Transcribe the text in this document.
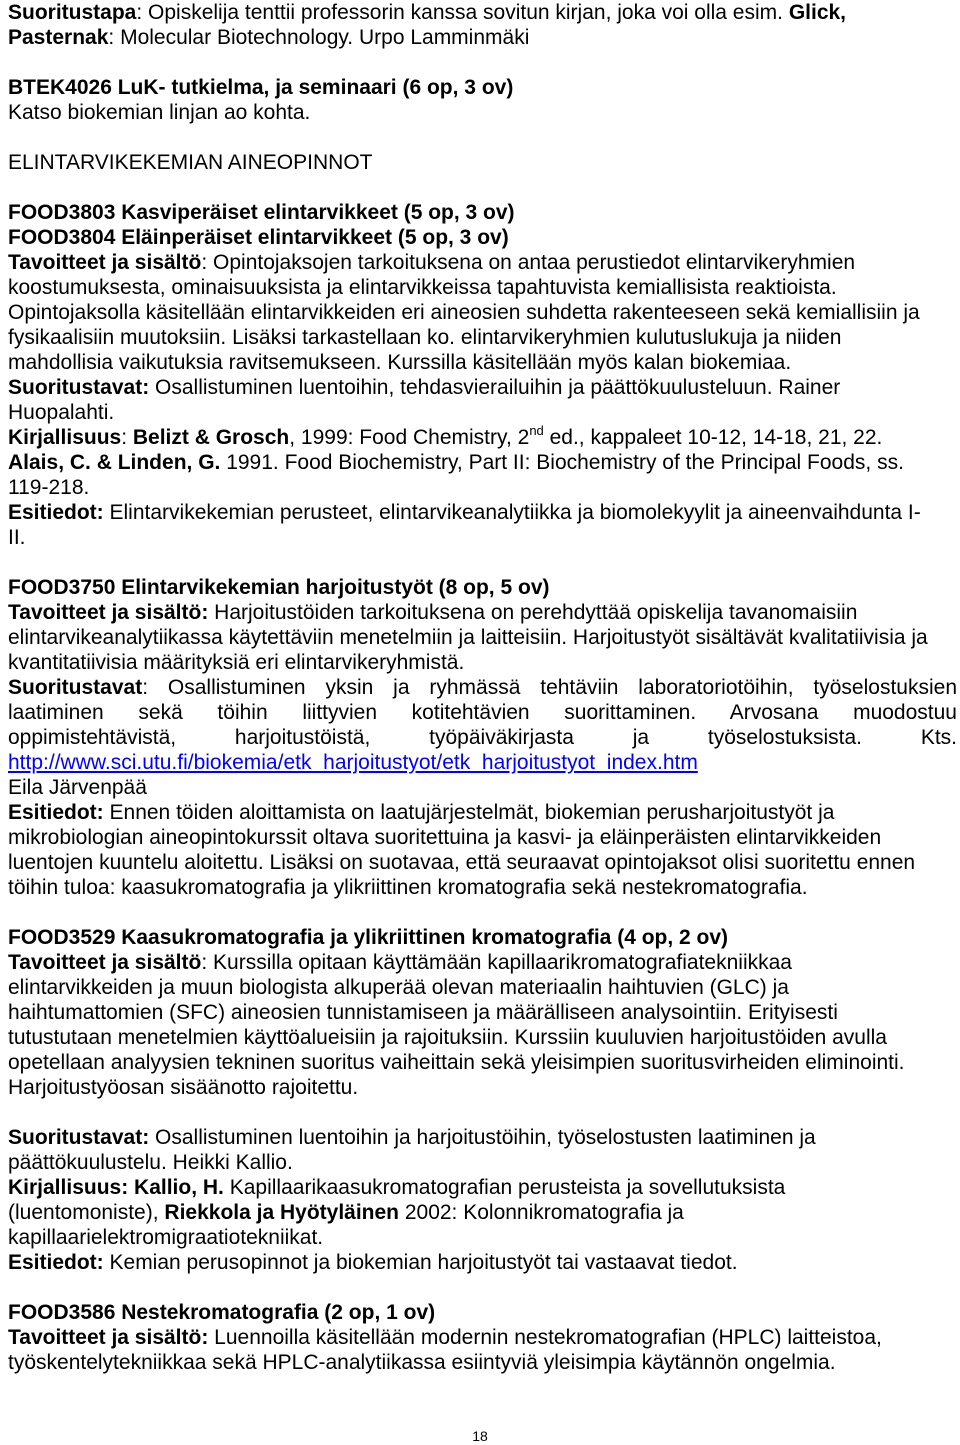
Suoritustapa: Opiskelija tenttii professorin kanssa sovitun kirjan, joka voi olla esim. Glick,
Pasternak: Molecular Biotechnology. Urpo Lamminmäki
BTEK4026 LuK- tutkielma, ja seminaari (6 op, 3 ov)
Katso biokemian linjan ao kohta.
ELINTARVIKEKEMIAN AINEOPINNOT
FOOD3803 Kasviperäiset elintarvikkeet (5 op, 3 ov)
FOOD3804 Eläinperäiset elintarvikkeet (5 op, 3 ov)
Tavoitteet ja sisältö: Opintojaksojen tarkoituksena on antaa perustiedot elintarvikeryhmien
koostumuksesta, ominaisuuksista ja elintarvikkeissa tapahtuvista kemiallisista reaktioista.
Opintojaksolla käsitellään elintarvikkeiden eri aineosien suhdetta rakenteeseen sekä kemiallisiin ja
fysikaalisiin muutoksiin. Lisäksi tarkastellaan ko. elintarvikeryhmien kulutuslukuja ja niiden
mahdollisia vaikutuksia ravitsemukseen. Kurssilla käsitellään myös kalan biokemiaa.
Suoritustavat: Osallistuminen luentoihin, tehdasvierailuihin ja päättökuulusteluun. Rainer
Huopalahti.
Kirjallisuus: Belizt & Grosch, 1999: Food Chemistry, 2nd ed., kappaleet 10-12, 14-18, 21, 22.
Alais, C. & Linden, G. 1991. Food Biochemistry, Part II: Biochemistry of the Principal Foods, ss.
119-218.
Esitiedot: Elintarvikekemian perusteet, elintarvikeanalytiikka ja biomolekyylit ja aineenvaihdunta I-
II.
FOOD3750 Elintarvikekemian harjoitustyöt (8 op, 5 ov)
Tavoitteet ja sisältö: Harjoitustöiden tarkoituksena on perehdyttää opiskelija tavanomaisiin
elintarvikeanalytiikassa käytettäviin menetelmiin ja laitteisiin. Harjoitustyöt sisältävät kvalitatiivisia ja
kvantitatiivisia määrityksiä eri elintarvikeryhmistä.
Suoritustavat: Osallistuminen yksin ja ryhmässä tehtäviin laboratoriotöihin, työselostuksien
laatiminen sekä töihin liittyvien kotitehtävien suorittaminen. Arvosana muodostuu
oppimistehtävistä, harjoitustöistä, työpäiväkirjasta ja työselostuksista. Kts.
http://www.sci.utu.fi/biokemia/etk_harjoitustyot/etk_harjoitustyot_index.htm
Eila Järvenpää
Esitiedot: Ennen töiden aloittamista on laatujärjestelmät, biokemian perusharjoitustyöt ja
mikrobiologian aineopintokurssit oltava suoritettuina ja kasvi- ja eläinperäisten elintarvikkeiden
luentojen kuuntelu aloitettu. Lisäksi on suotavaa, että seuraavat opintojaksot olisi suoritettu ennen
töihin tuloa: kaasukromatografia ja ylikriittinen kromatografia sekä nestekromatografia.
FOOD3529 Kaasukromatografia ja ylikriittinen kromatografia (4 op, 2 ov)
Tavoitteet ja sisältö: Kurssilla opitaan käyttämään kapillaarikromatografiatekniikkaa
elintarvikkeiden ja muun biologista alkuperää olevan materiaalin haihtuvien (GLC) ja
haihtumattomien (SFC) aineosien tunnistamiseen ja määrälliseen analysointiin. Erityisesti
tutustutaan menetelmien käyttöalueisiin ja rajoituksiin. Kurssiin kuuluvien harjoitustöiden avulla
opetellaan analyysien tekninen suoritus vaiheittain sekä yleisimpien suoritusvirheiden eliminointi.
Harjoitustyöosan sisäänotto rajoitettu.
Suoritustavat: Osallistuminen luentoihin ja harjoitustöihin, työselostusten laatiminen ja
päättökuulustelu. Heikki Kallio.
Kirjallisuus: Kallio, H. Kapillaarikaasukromatografian perusteista ja sovellutuksista
(luentomoniste), Riekkola ja Hyötyläinen 2002: Kolonnikromatografia ja
kapillaarielektromigraatiotekniikat.
Esitiedot: Kemian perusopinnot ja biokemian harjoitustyöt tai vastaavat tiedot.
FOOD3586 Nestekromatografia (2 op, 1 ov)
Tavoitteet ja sisältö: Luennoilla käsitellään modernin nestekromatografian (HPLC) laitteistoa,
työskentelytekniikkaa sekä HPLC-analytiikassa esiintyviä yleisimpia käytännön ongelmia.
18
